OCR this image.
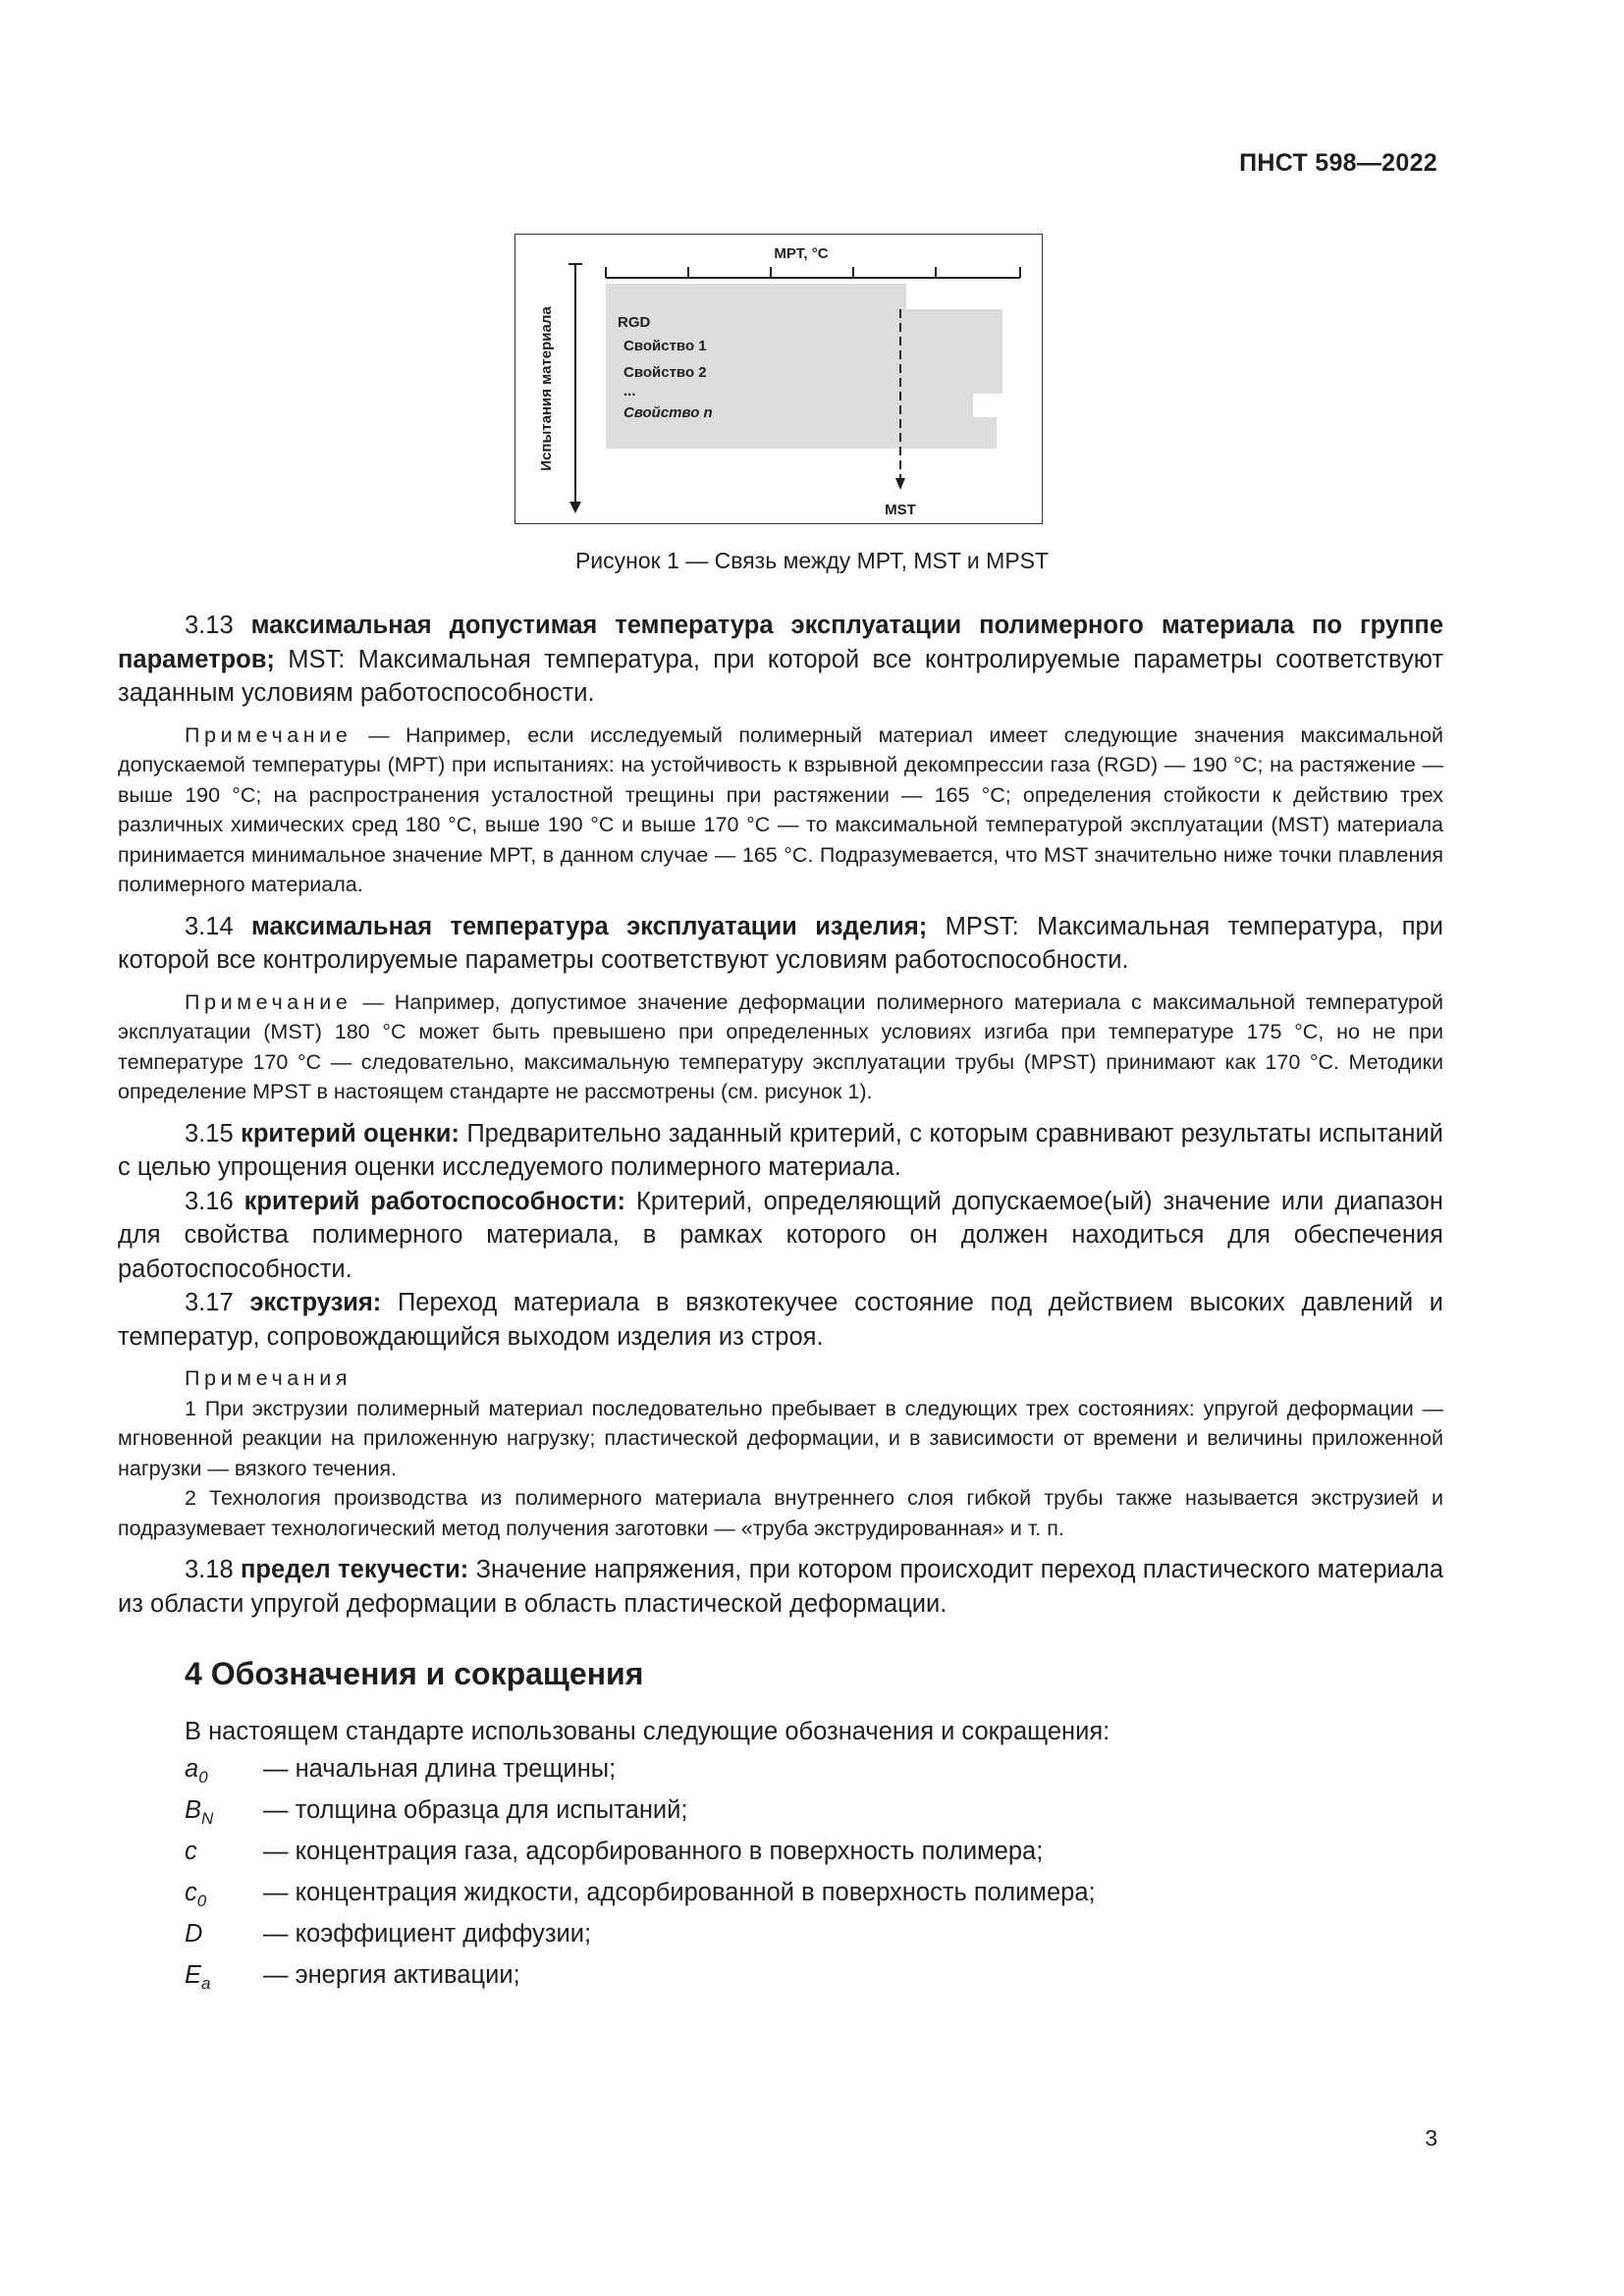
ПНСТ 598—2022
МРТ, °С
Испытания материала	RGD
Свойство 1
Свойство 2
...
Свойство n
MST
Рисунок 1 — Связь между МРТ, MST и MPST

3.13 максимальная допустимая температура эксплуатации полимерного материала по группе параметров; MST: Максимальная температура, при которой все контролируемые параметры соответствуют заданным условиям работоспособности.

Примечание — Например, если исследуемый полимерный материал имеет следующие значения максимальной допускаемой температуры (МРТ) при испытаниях: на устойчивость к взрывной декомпрессии газа (RGD) — 190 °С; на растяжение — выше 190 °С; на распространения усталостной трещины при растяжении — 165 °С; определения стойкости к действию трех различных химических сред 180 °С, выше 190 °С и выше 170 °С — то максимальной температурой эксплуатации (MST) материала принимается минимальное значение МРТ, в данном случае — 165 °С. Подразумевается, что MST значительно ниже точки плавления полимерного материала.

3.14 максимальная температура эксплуатации изделия; MPST: Максимальная температура, при которой все контролируемые параметры соответствуют условиям работоспособности.

Примечание — Например, допустимое значение деформации полимерного материала с максимальной температурой эксплуатации (MST) 180 °С может быть превышено при определенных условиях изгиба при температуре 175 °С, но не при температуре 170 °С — следовательно, максимальную температуру эксплуатации трубы (MPST) принимают как 170 °С. Методики определение MPST в настоящем стандарте не рассмотрены (см. рисунок 1).

3.15 критерий оценки: Предварительно заданный критерий, с которым сравнивают результаты испытаний с целью упрощения оценки исследуемого полимерного материала.

3.16 критерий работоспособности: Критерий, определяющий допускаемое(ый) значение или диапазон для свойства полимерного материала, в рамках которого он должен находиться для обеспечения работоспособности.

3.17 экструзия: Переход материала в вязкотекучее состояние под действием высоких давлений и температур, сопровождающийся выходом изделия из строя.

Примечания

1 При экструзии полимерный материал последовательно пребывает в следующих трех состояниях: упругой деформации — мгновенной реакции на приложенную нагрузку; пластической деформации, и в зависимости от времени и величины приложенной нагрузки — вязкого течения.

2 Технология производства из полимерного материала внутреннего слоя гибкой трубы также называется экструзией и подразумевает технологический метод получения заготовки — «труба экструдированная» и т. п.

3.18 предел текучести: Значение напряжения, при котором происходит переход пластического материала из области упругой деформации в область пластической деформации.

4 Обозначения и сокращения

В настоящем стандарте использованы следующие обозначения и сокращения:

$a_0$	— начальная длина трещины;
$B_N$	— толщина образца для испытаний;
c	— концентрация газа, адсорбированного в поверхность полимера;
$c_0$	— концентрация жидкости, адсорбированной в поверхность полимера;
D	— коэффициент диффузии;
$E_a$	— энергия активации;
3
